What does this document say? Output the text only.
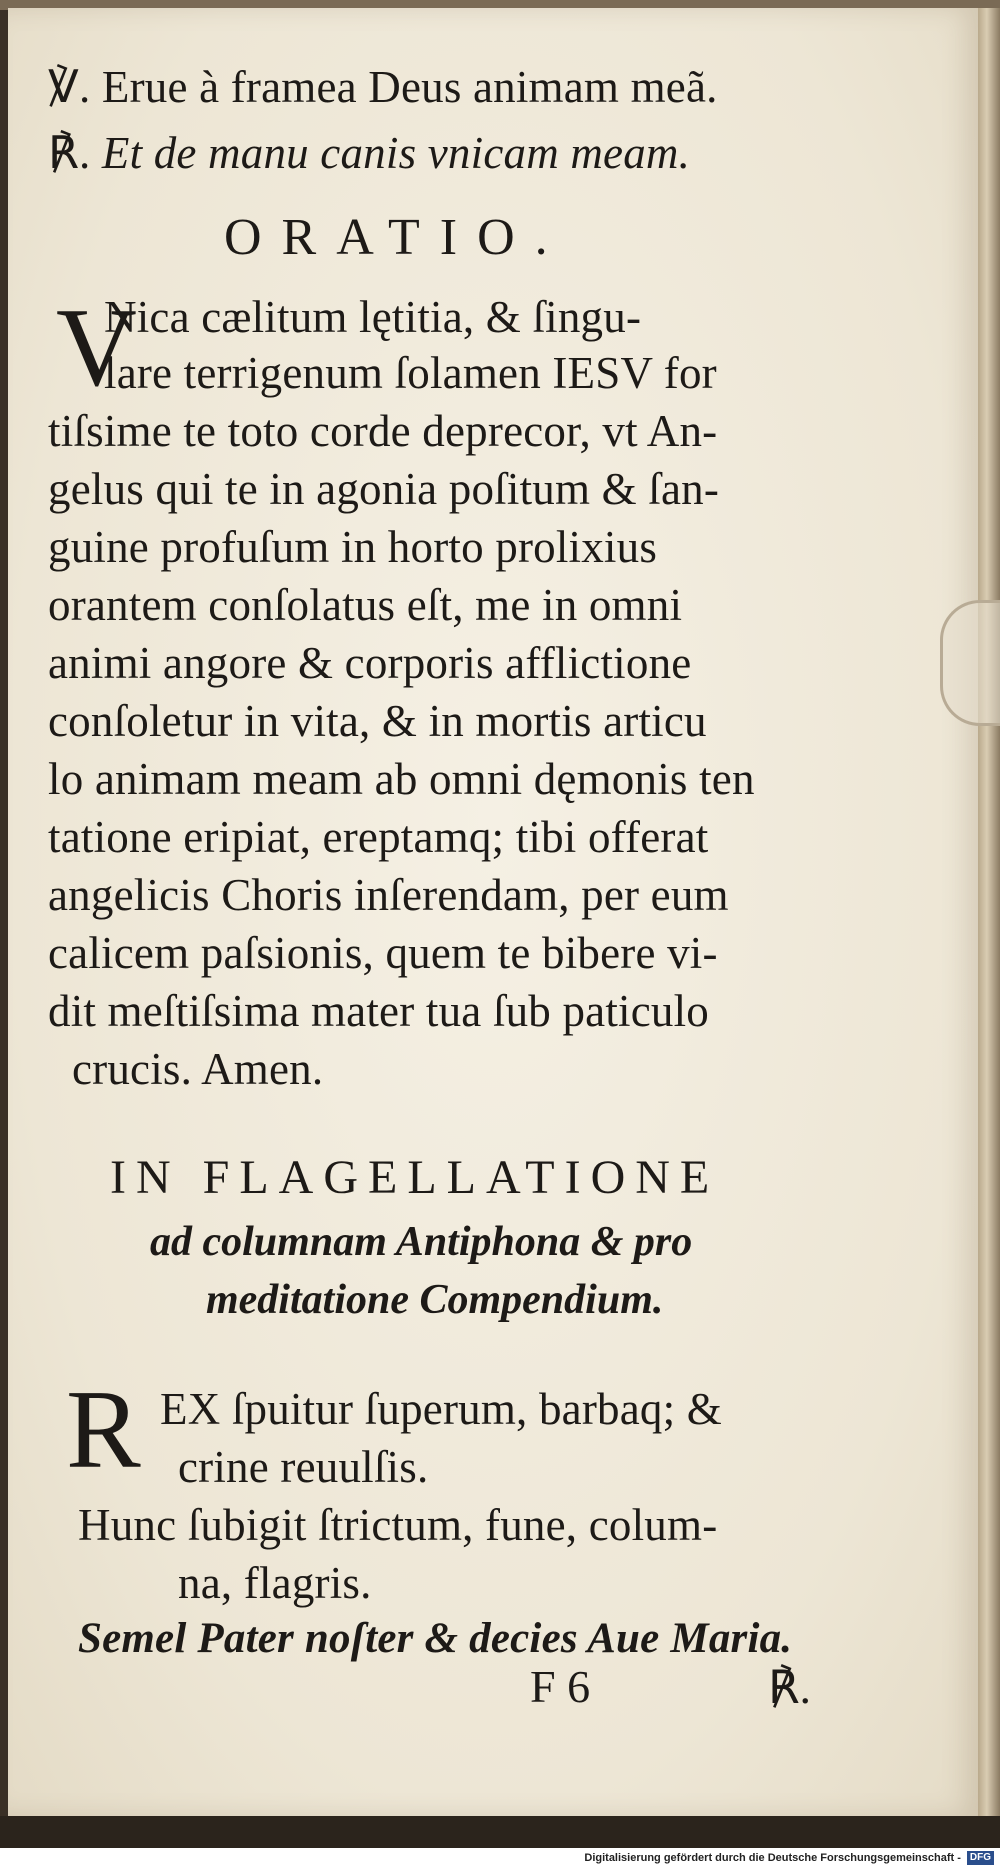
℣. Erue à framea Deus animam meã.
℟. Et de manu canis vnicam meam.
ORATIO.
V
Nica cælitum lętitia, & ſingu-
lare terrigenum ſolamen IESV for
tiſsime te toto corde deprecor, vt An-
gelus qui te in agonia poſitum & ſan-
guine profuſum in horto prolixius
orantem conſolatus eſt, me in omni
animi angore & corporis afflictione
conſoletur in vita, & in mortis articu
lo animam meam ab omni dęmonis ten
tatione eripiat, ereptamq; tibi offerat
angelicis Choris inſerendam, per eum
calicem paſsionis, quem te bibere vi-
dit meſtiſsima mater tua ſub paticulo
crucis. Amen.
IN FLAGELLATIONE
ad columnam Antiphona & pro
meditatione Compendium.
R EX ſpuitur ſuperum, barbaq; &
crine reuulſis.
Hunc ſubigit ſtrictum, fune, colum-
na, flagris.
Semel Pater noſter & decies Aue Maria.
F 6	℟.
Digitalisierung gefördert durch die Deutsche Forschungsgemeinschaft - DFG
